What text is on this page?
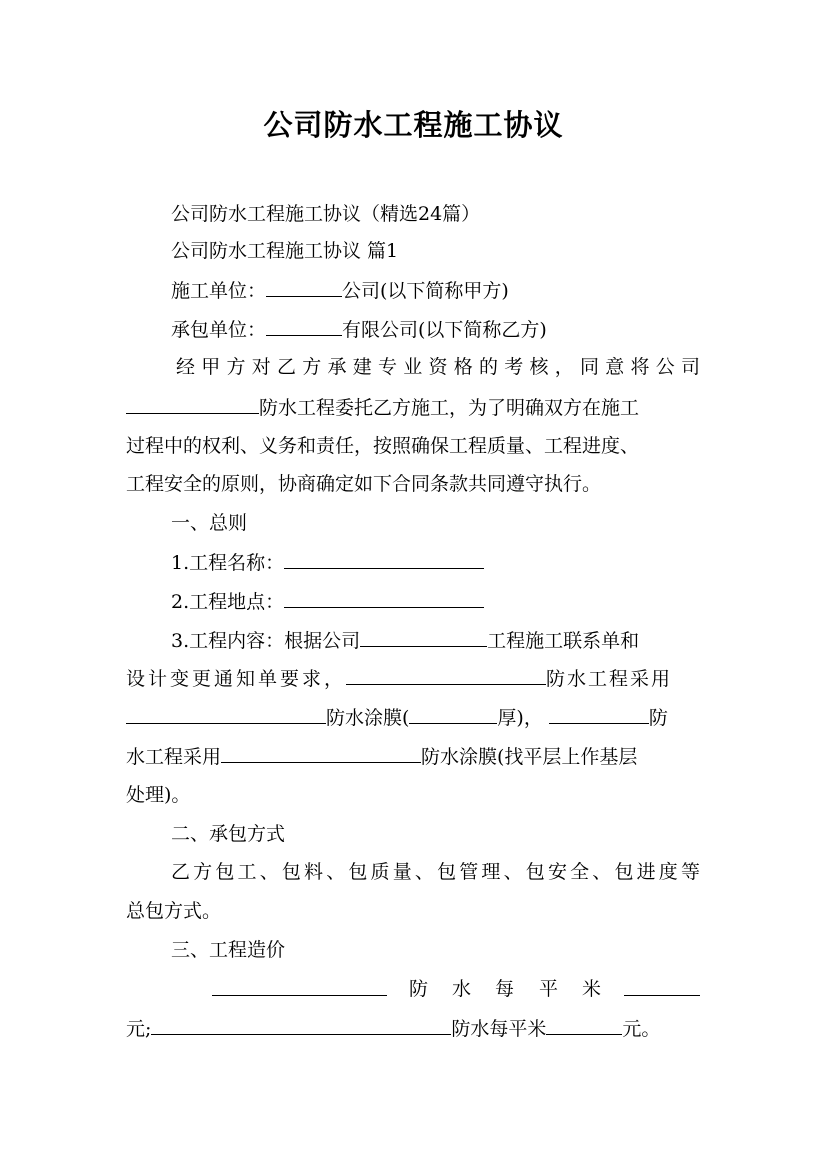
公司防水工程施工协议
公司防水工程施工协议（精选24篇）
公司防水工程施工协议 篇1
施工单位：	公司(以下简称甲方)
承包单位：	有限公司(以下简称乙方)
经甲方对乙方承建专业资格的考核，同意将公司
防水工程委托乙方施工，为了明确双方在施工
过程中的权利、义务和责任，按照确保工程质量、工程进度、
工程安全的原则，协商确定如下合同条款共同遵守执行。
一、总则
1.工程名称：
2.工程地点：
3.工程内容：根据公司	工程施工联系单和
设计变更通知单要求，	防水工程采用
防水涂膜(	厚)，	防
水工程采用	防水涂膜(找平层上作基层
处理)。
二、承包方式
乙方包工、包料、包质量、包管理、包安全、包进度等
总包方式。
三、工程造价
防 水 每 平 米
元;	防水每平米	元。
